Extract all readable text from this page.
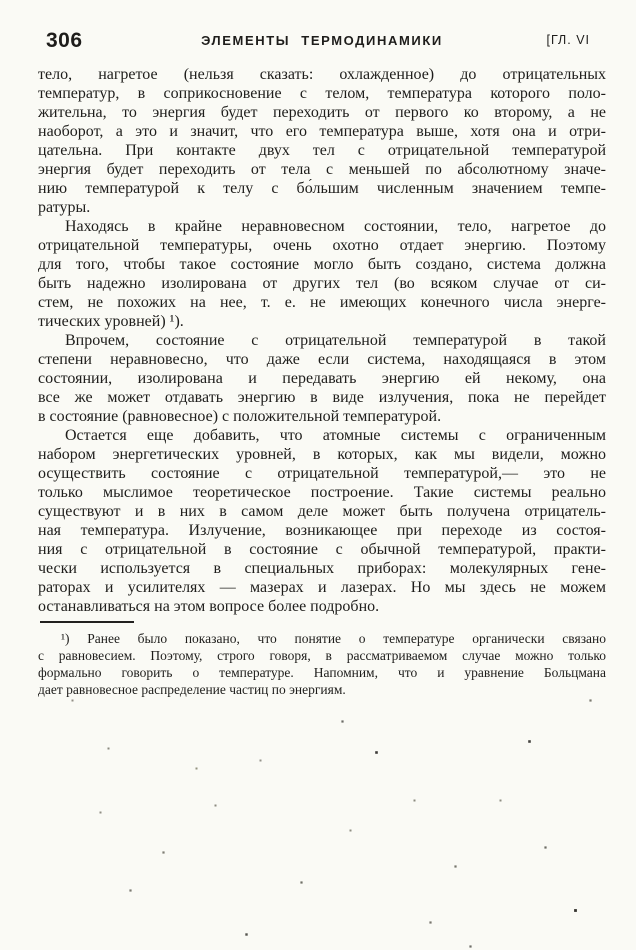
306	ЭЛЕМЕНТЫ ТЕРМОДИНАМИКИ	[ГЛ. VI
тело, нагретое (нельзя сказать: охлажденное) до отрицательных
температур, в соприкосновение с телом, температура которого поло-
жительна, то энергия будет переходить от первого ко второму, а не
наоборот, а это и значит, что его температура выше, хотя она и отри-
цательна. При контакте двух тел с отрицательной температурой
энергия будет переходить от тела с меньшей по абсолютному значе-
нию температурой к телу с бо́льшим численным значением темпе-
ратуры.
Находясь в крайне неравновесном состоянии, тело, нагретое до
отрицательной температуры, очень охотно отдает энергию. Поэтому
для того, чтобы такое состояние могло быть создано, система должна
быть надежно изолирована от других тел (во всяком случае от си-
стем, не похожих на нее, т. е. не имеющих конечного числа энерге-
тических уровней) ¹).
Впрочем, состояние с отрицательной температурой в такой
степени неравновесно, что даже если система, находящаяся в этом
состоянии, изолирована и передавать энергию ей некому, она
все же может отдавать энергию в виде излучения, пока не перейдет
в состояние (равновесное) с положительной температурой.
Остается еще добавить, что атомные системы с ограниченным
набором энергетических уровней, в которых, как мы видели, можно
осуществить состояние с отрицательной температурой,— это не
только мыслимое теоретическое построение. Такие системы реально
существуют и в них в самом деле может быть получена отрицатель-
ная температура. Излучение, возникающее при переходе из состоя-
ния с отрицательной в состояние с обычной температурой, практи-
чески используется в специальных приборах: молекулярных гене-
раторах и усилителях — мазерах и лазерах. Но мы здесь не можем
останавливаться на этом вопросе более подробно.
¹) Ранее было показано, что понятие о температуре органически связано
с равновесием. Поэтому, строго говоря, в рассматриваемом случае можно только
формально говорить о температуре. Напомним, что и уравнение Больцмана
дает равновесное распределение частиц по энергиям.
